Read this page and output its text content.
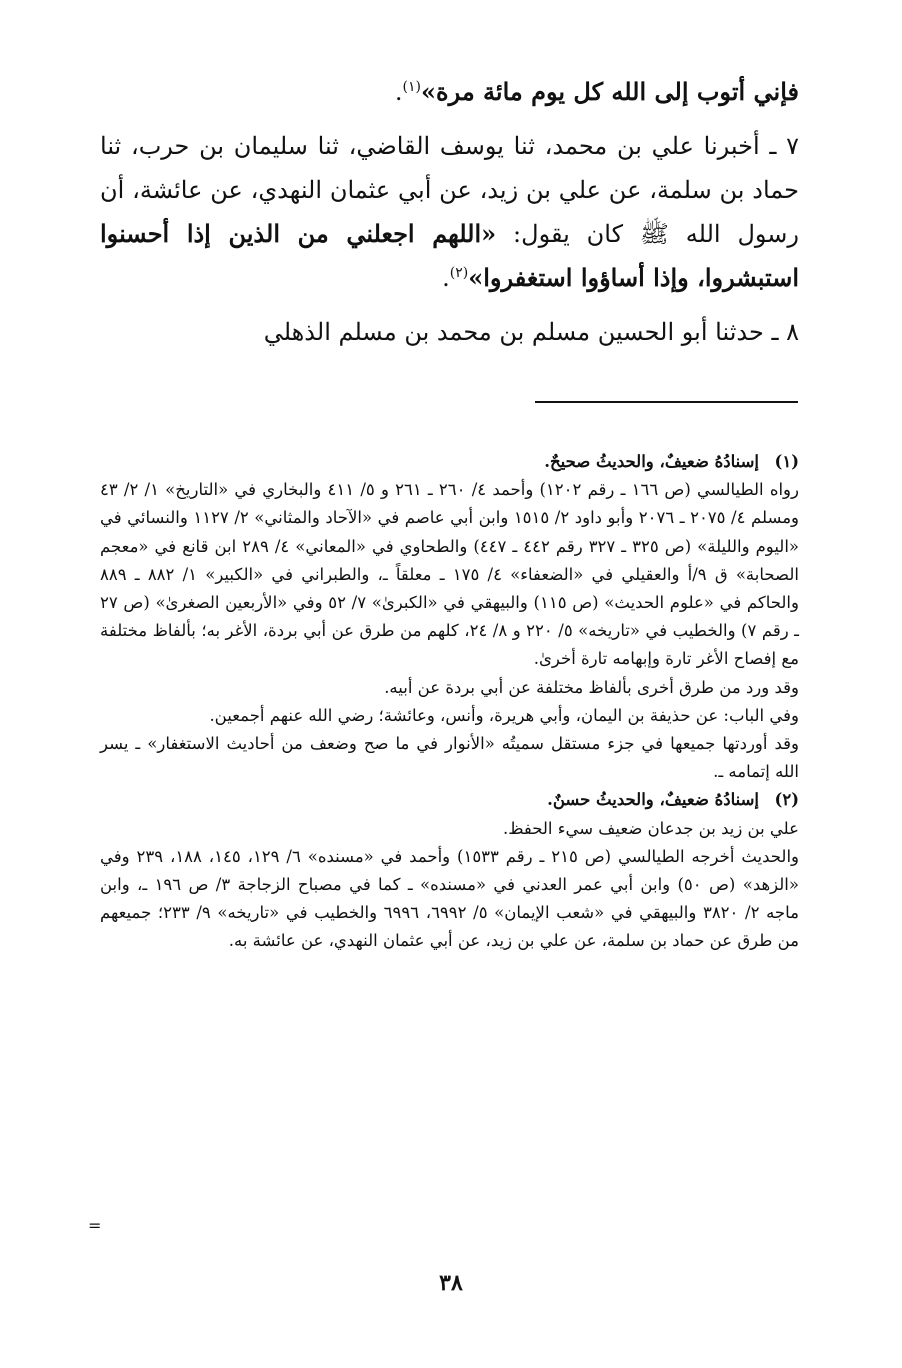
فإني أتوب إلى الله كل يوم مائة مرة»$^{(١)}$.

٧ ـ أخبرنا علي بن محمد، ثنا يوسف القاضي، ثنا سليمان بن حرب، ثنا حماد بن سلمة، عن علي بن زيد، عن أبي عثمان النهدي، عن عائشة، أن رسول الله ﷺ كان يقول: «اللهم اجعلني من الذين إذا أحسنوا استبشروا، وإذا أساؤوا استغفروا»$^{(٢)}$.

٨ ـ حدثنا أبو الحسين مسلم بن محمد بن مسلم الذهلي

(١)إسنادُهُ ضعيفٌ، والحديثُ صحيحٌ.

رواه الطيالسي (ص ١٦٦ ـ رقم ١٢٠٢) وأحمد ٤/ ٢٦٠ ـ ٢٦١ و ٥/ ٤١١ والبخاري في «التاريخ» ١/ ٢/ ٤٣ ومسلم ٤/ ٢٠٧٥ ـ ٢٠٧٦ وأبو داود ٢/ ١٥١٥ وابن أبي عاصم في «الآحاد والمثاني» ٢/ ١١٢٧ والنسائي في «اليوم والليلة» (ص ٣٢٥ ـ ٣٢٧ رقم ٤٤٢ ـ ٤٤٧) والطحاوي في «المعاني» ٤/ ٢٨٩ ابن قانع في «معجم الصحابة» ق ٩/أ والعقيلي في «الضعفاء» ٤/ ١٧٥ ـ معلقاً ـ، والطبراني في «الكبير» ١/ ٨٨٢ ـ ٨٨٩ والحاكم في «علوم الحديث» (ص ١١٥) والبيهقي في «الكبرىٰ» ٧/ ٥٢ وفي «الأربعين الصغرىٰ» (ص ٢٧ ـ رقم ٧) والخطيب في «تاريخه» ٥/ ٢٢٠ و ٨/ ٢٤، كلهم من طرق عن أبي بردة، الأغر به؛ بألفاظ مختلفة مع إفصاح الأغر تارة وإبهامه تارة أخرىٰ.

وقد ورد من طرق أخرى بألفاظ مختلفة عن أبي بردة عن أبيه.

وفي الباب: عن حذيفة بن اليمان، وأبي هريرة، وأنس، وعائشة؛ رضي الله عنهم أجمعين.

وقد أوردتها جميعها في جزء مستقل سميتُه «الأنوار في ما صح وضعف من أحاديث الاستغفار» ـ يسر الله إتمامه ـ.

(٢)إسنادُهُ ضعيفٌ، والحديثُ حسنٌ.

علي بن زيد بن جدعان ضعيف سيء الحفظ.

والحديث أخرجه الطيالسي (ص ٢١٥ ـ رقم ١٥٣٣) وأحمد في «مسنده» ٦/ ١٢٩، ١٤٥، ١٨٨، ٢٣٩ وفي «الزهد» (ص ٥٠) وابن أبي عمر العدني في «مسنده» ـ كما في مصباح الزجاجة ٣/ ص ١٩٦ ـ، وابن ماجه ٢/ ٣٨٢٠ والبيهقي في «شعب الإيمان» ٥/ ٦٩٩٢، ٦٩٩٦ والخطيب في «تاريخه» ٩/ ٢٣٣؛ جميعهم من طرق عن حماد بن سلمة، عن علي بن زيد، عن أبي عثمان النهدي، عن عائشة به.

=
٣٨
